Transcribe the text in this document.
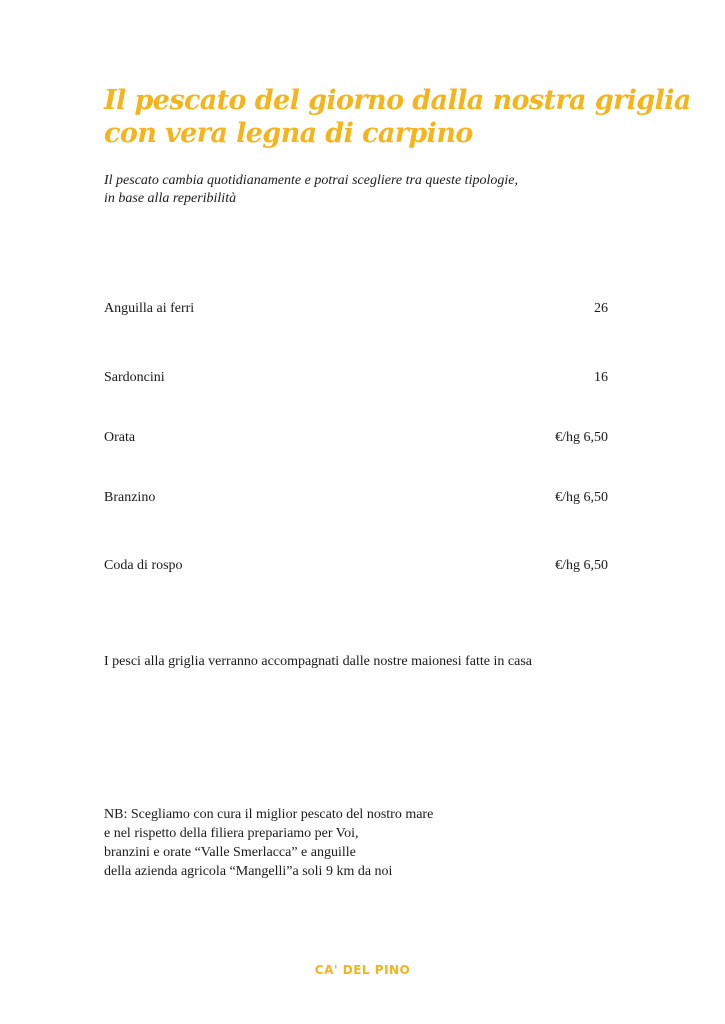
Il pescato del giorno dalla nostra griglia
con vera legna di carpino
Il pescato cambia quotidianamente e potrai scegliere tra queste tipologie,
in base alla reperibilità
Anguilla ai ferri	26
Sardoncini	16
Orata	€/hg 6,50
Branzino	€/hg 6,50
Coda di rospo	€/hg 6,50
I pesci alla griglia verranno accompagnati dalle nostre maionesi fatte in casa
NB: Scegliamo con cura il miglior pescato del nostro mare
e nel rispetto della filiera prepariamo per Voi,
branzini e orate “Valle Smerlacca” e anguille
della azienda agricola “Mangelli”a soli 9 km da noi
CA' DEL PINO
